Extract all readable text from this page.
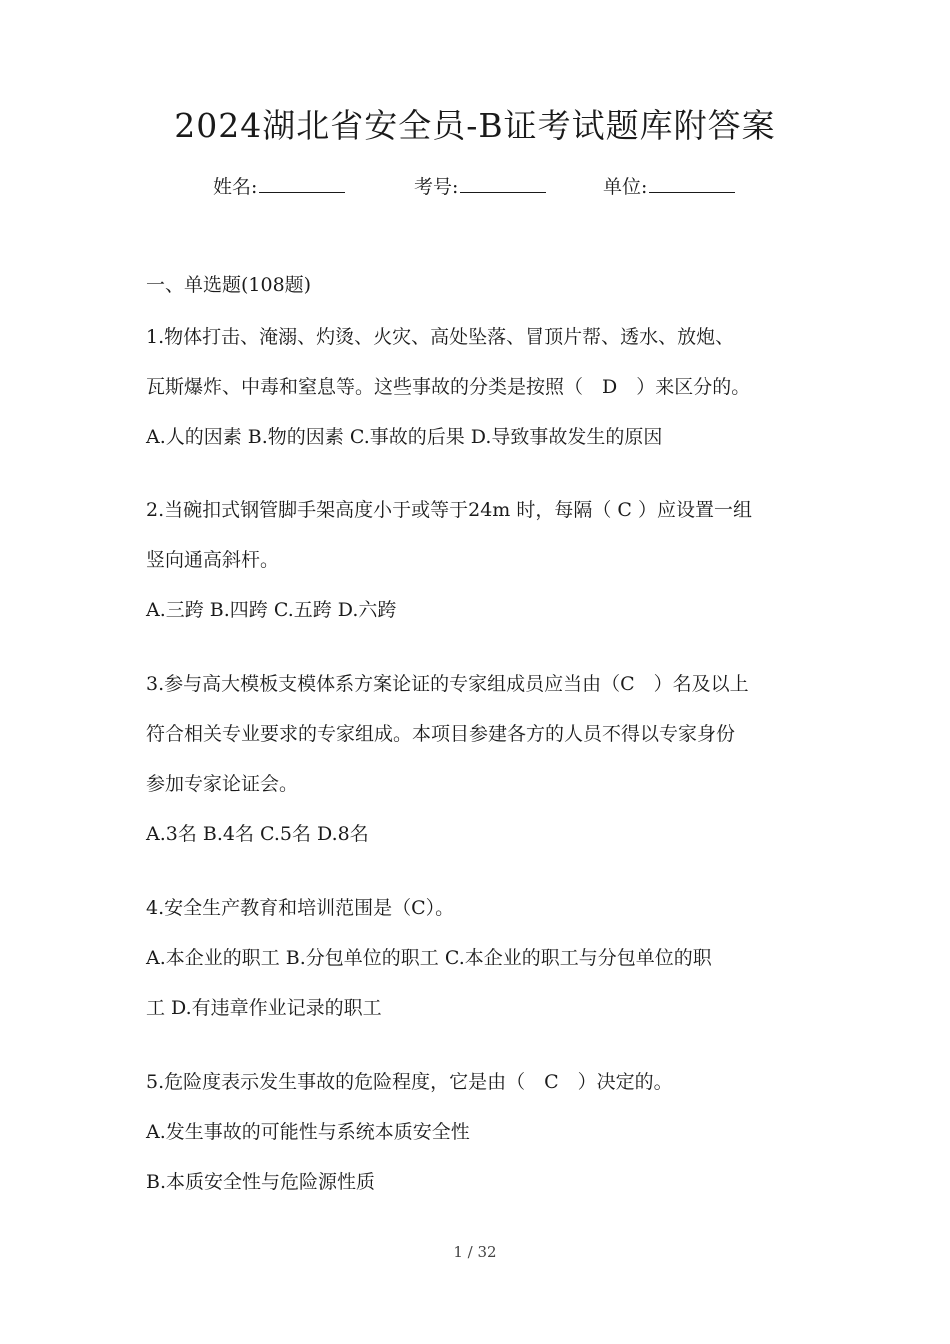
2024湖北省安全员-B证考试题库附答案
姓名:	考号:	单位:
一、单选题(108题)
1.物体打击、淹溺、灼烫、火灾、高处坠落、冒顶片帮、透水、放炮、
瓦斯爆炸、中毒和窒息等。这些事故的分类是按照（　D　）来区分的。
A.人的因素 B.物的因素 C.事故的后果 D.导致事故发生的原因
2.当碗扣式钢管脚手架高度小于或等于24m 时，每隔（ C ）应设置一组
竖向通高斜杆。
A.三跨 B.四跨 C.五跨 D.六跨
3.参与高大模板支模体系方案论证的专家组成员应当由（C　）名及以上
符合相关专业要求的专家组成。本项目参建各方的人员不得以专家身份
参加专家论证会。
A.3名 B.4名 C.5名 D.8名
4.安全生产教育和培训范围是（C）。
A.本企业的职工 B.分包单位的职工 C.本企业的职工与分包单位的职
工 D.有违章作业记录的职工
5.危险度表示发生事故的危险程度，它是由（　C　）决定的。
A.发生事故的可能性与系统本质安全性
B.本质安全性与危险源性质
1 / 32
